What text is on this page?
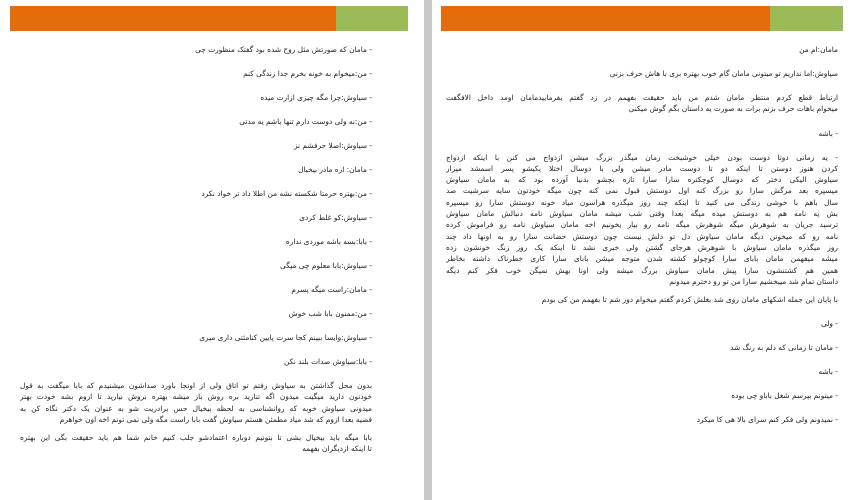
- مامان که صورتش مثل روح شده بود گفتک منظورت چی
- من:میخوام به خونه بخرم جدا زندگی کنم
- سیاوش:چرا مگه چیزی ازارت میده
- من:نه ولی دوست دارم تنها باشم یه مدتی
- سیاوش:اصلا حرفشم نز
- مامان: اره مادر بیخیال
- من:بهتره حرمتا شکسته نشه من اطلا داد تر خواد نکرد
- سیاوش:کو غلط کردی
- بابا:بسه باشه موردی نداره
- سیاوش:بابا معلوم چی میگی
- مامان:راست میگه پسرم
- من:ممنون بابا شب خوش
- سیاوش:وایسا ببینم کجا سرت پایین کنامثتی داری میری
- بابا:سیاوش صدات بلند نکن
بدون محل گذاشتن به سیاوش رفتم تو اتاق ولی از اونجا باورد صداشون میشنیدم که بابا میگفت به قول
خودتون دارید میگیت میدون اگه تنارید بره روش باز میشه بهتره بروش نیارید تا ازوم بشه خودت بهتر
میدونی سیاوش خوبه که روانشناسی به لحظه بیخیال حس برادریت شو به عنوان یک دکتر نگاه کن به
قضیه بعدا ازوم که شد میاد مطمئن هستم سیاوش گفت بابا راست مگه ولی نمی تونم اخه اون خواهرم
بابا میگه باید بیخیال بشی تا بتونیم دوباره اعتمادشو جلب کنیم خانم شما هم باید حقیقت بگی این بهتره
تا اینکه ازدیگران بفهمه
مامان:ام من
سیاوش:اما نداریم تو میتونی مامان گام خوب بهتره بری با هاش حرف بزنی
ارتباط قطع کردم منتظر مامان شدم من باید حقیقت بفهمم در زد گفتم بفرماییدمامان اومد داخل الافگفت
میخوام باهات حرف بزنم برات به صورت یه داستان بگم گوش میکنی
- باشه
- یه زمانی دوتا دوست بودن خیلی خوشبخت زمان میگذر بزرگ میشن ازدواج می کنن با اینکه ازدواج
کردن هنوز دوستن تا اینکه دو تا دوست مادر میشن ولی با دوسال اختلا یکیشو پسر اسمشد میزار
سیاوش الیکی دختر که دوسال کوچکتره سارا سارا تازه بچشو بدنیا آورده بود که به مامان سیاوش
میسپره بعد مرگش سارا رو بزرگ کنه اول دوستش قبول نمی کنه چون میگه خودتون سایه سرشیت صد
سال باهم با خوشی زندگی می کنید تا اینکه چند روز میگذره هراسون میاد خونه دوستش سارا رو میسپره
بش یه نامه هم به دوستش میده میگه بعدا وقتی شب میشه مامان سیاوش نامه دنبالش مامان سیاوش
ترسید جریان به شوهرش میگه شوهرش میگه نامه رو بیار بخونیم اخه مامان سیاوش نامه رو فراموش کرده
نامه رو که میخونن دیگه مامان سیاوش دل تو دلش نیست چون دوستش حضانت سارا رو به اونها داد چند
روز میگذره مامان سیاوش با شوهرش هرجای گشتن ولی خبری نشد تا اینکه یک روز زنگ خونشون زده
میشه میفهمن مامان باباى سارا کوچولو کشته شدن متوجه میشن باباى سارا کاری خطرناک داشته بخاطر
همین هم کشتنشون سارا پیش مامان سیاوش بزرگ میشه ولی اونا بهش نمیگن خوب فکر کنم دیگه
داستان تمام شد میبخشیم سارا من تو رو دخترم میدونم
با پایان این جمله اشکهای مامان روی شد بغلش کردم گفتم میخوام دور شم تا بفهمم من کی بودم
- ولی
- مامان تا زمانی که دلم به رنگ شد
- باشه
- میتونم بپرسم شغل باباو چی بوده
- نمیدونم ولی فکر کنم سرای بالا هی کا میکرد
